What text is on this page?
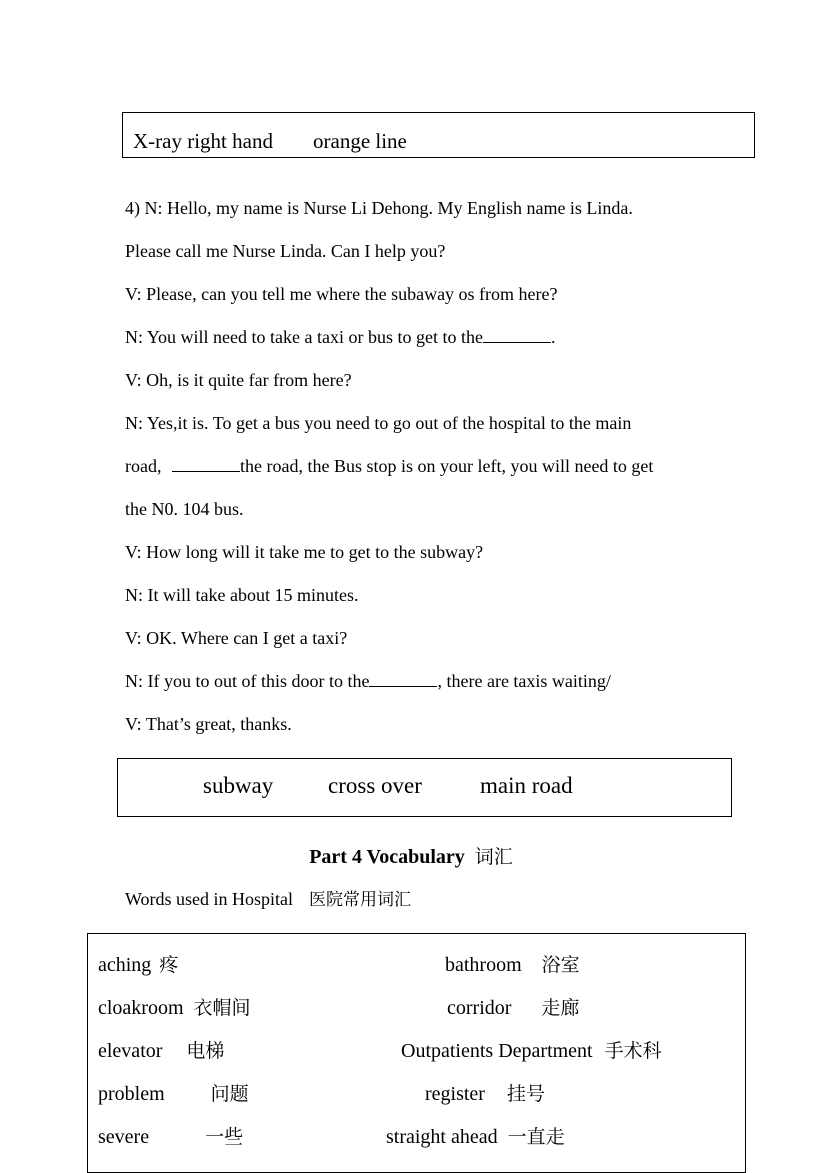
X-ray right hand orange line
4) N: Hello, my name is Nurse Li Dehong. My English name is Linda.
Please call me Nurse Linda. Can I help you?
V: Please, can you tell me where the subaway os from here?
N: You will need to take a taxi or bus to get to the	.
V: Oh, is it quite far from here?
N: Yes,it is. To get a bus you need to go out of the hospital to the main
road,	the road, the Bus stop is on your left, you will need to get
the N0. 104 bus.
V: How long will it take me to get to the subway?
N: It will take about 15 minutes.
V: OK. Where can I get a taxi?
N: If you to out of this door to the	, there are taxis waiting/
V: That’s great, thanks.
subway cross over	main road
Part 4 Vocabulary 词汇
Words used in Hospital 医院常用词汇
aching 疼	bathroom 浴室
cloakroom 衣帽间	corridor 走廊
elevator 电梯	Outpatients Department 手术科
problem 问题	register 挂号
severe	一些	straight ahead 一直走
